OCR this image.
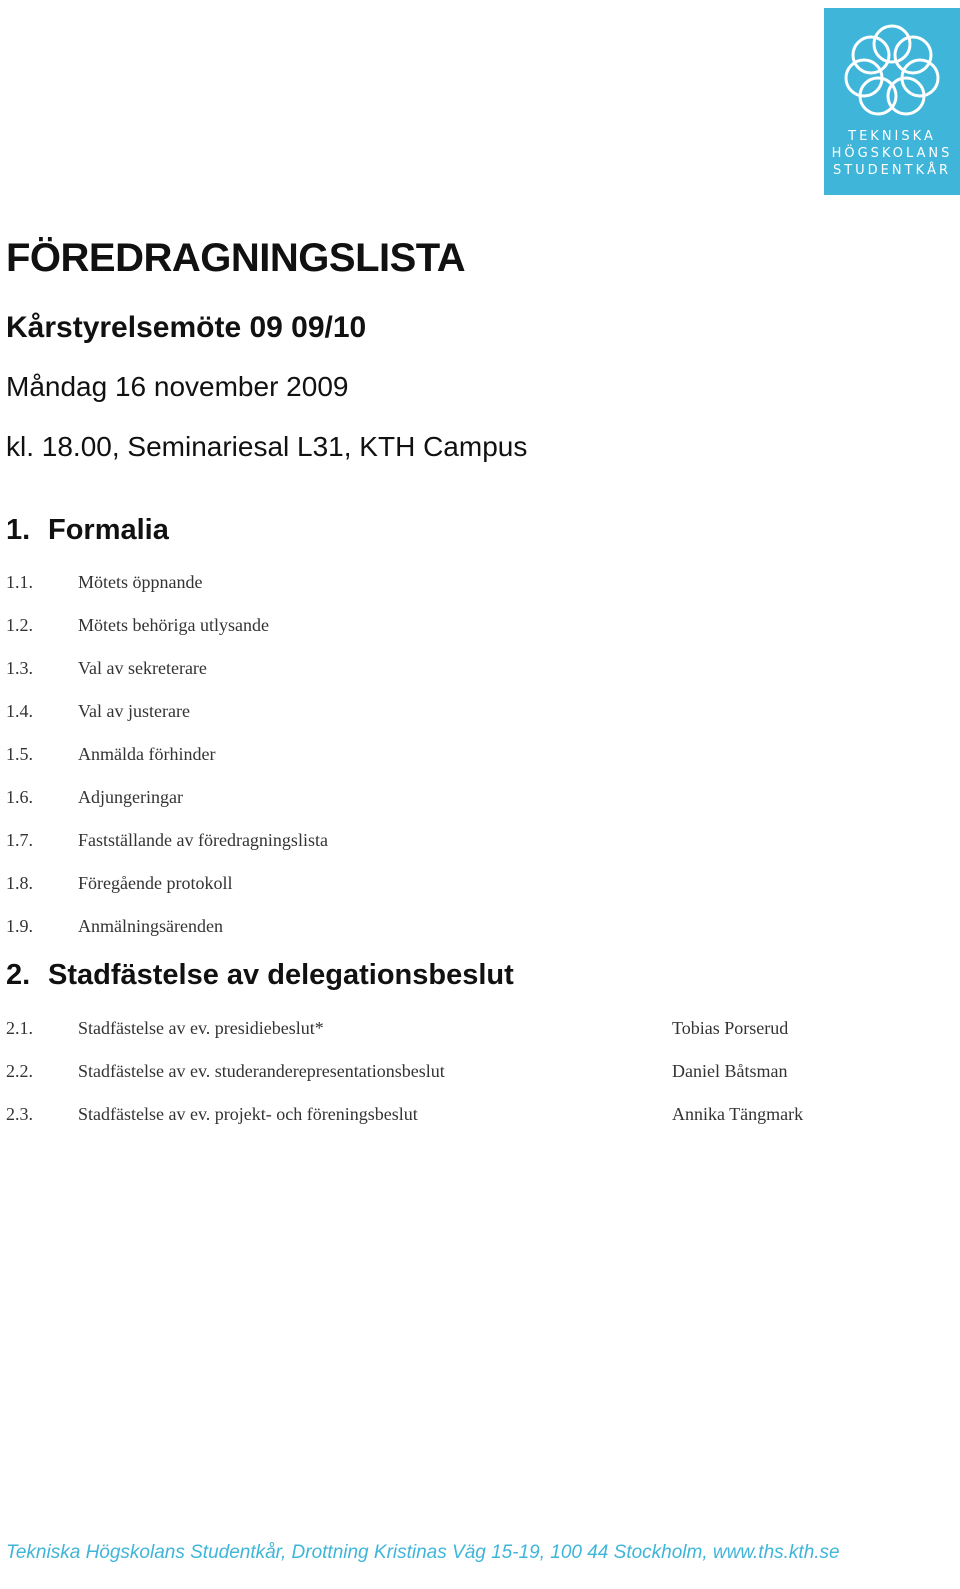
TEKNISKA
HÖGSKOLANS
STUDENTKÅR
FÖREDRAGNINGSLISTA
Kårstyrelsemöte 09 09/10

Måndag 16 november 2009

kl. 18.00, Seminariesal L31, KTH Campus

1. Formalia
1.1.	Mötets öppnande
1.2.	Mötets behöriga utlysande
1.3.	Val av sekreterare
1.4.	Val av justerare
1.5.	Anmälda förhinder
1.6.	Adjungeringar
1.7.	Fastställande av föredragningslista
1.8.	Föregående protokoll
1.9.	Anmälningsärenden
2. Stadfästelse av delegationsbeslut
2.1.	Stadfästelse av ev. presidiebeslut*	Tobias Porserud
2.2.	Stadfästelse av ev. studeranderepresentationsbeslut	Daniel Båtsman
2.3.	Stadfästelse av ev. projekt- och föreningsbeslut	Annika Tängmark

Tekniska Högskolans Studentkår, Drottning Kristinas Väg 15-19, 100 44 Stockholm, www.ths.kth.se
